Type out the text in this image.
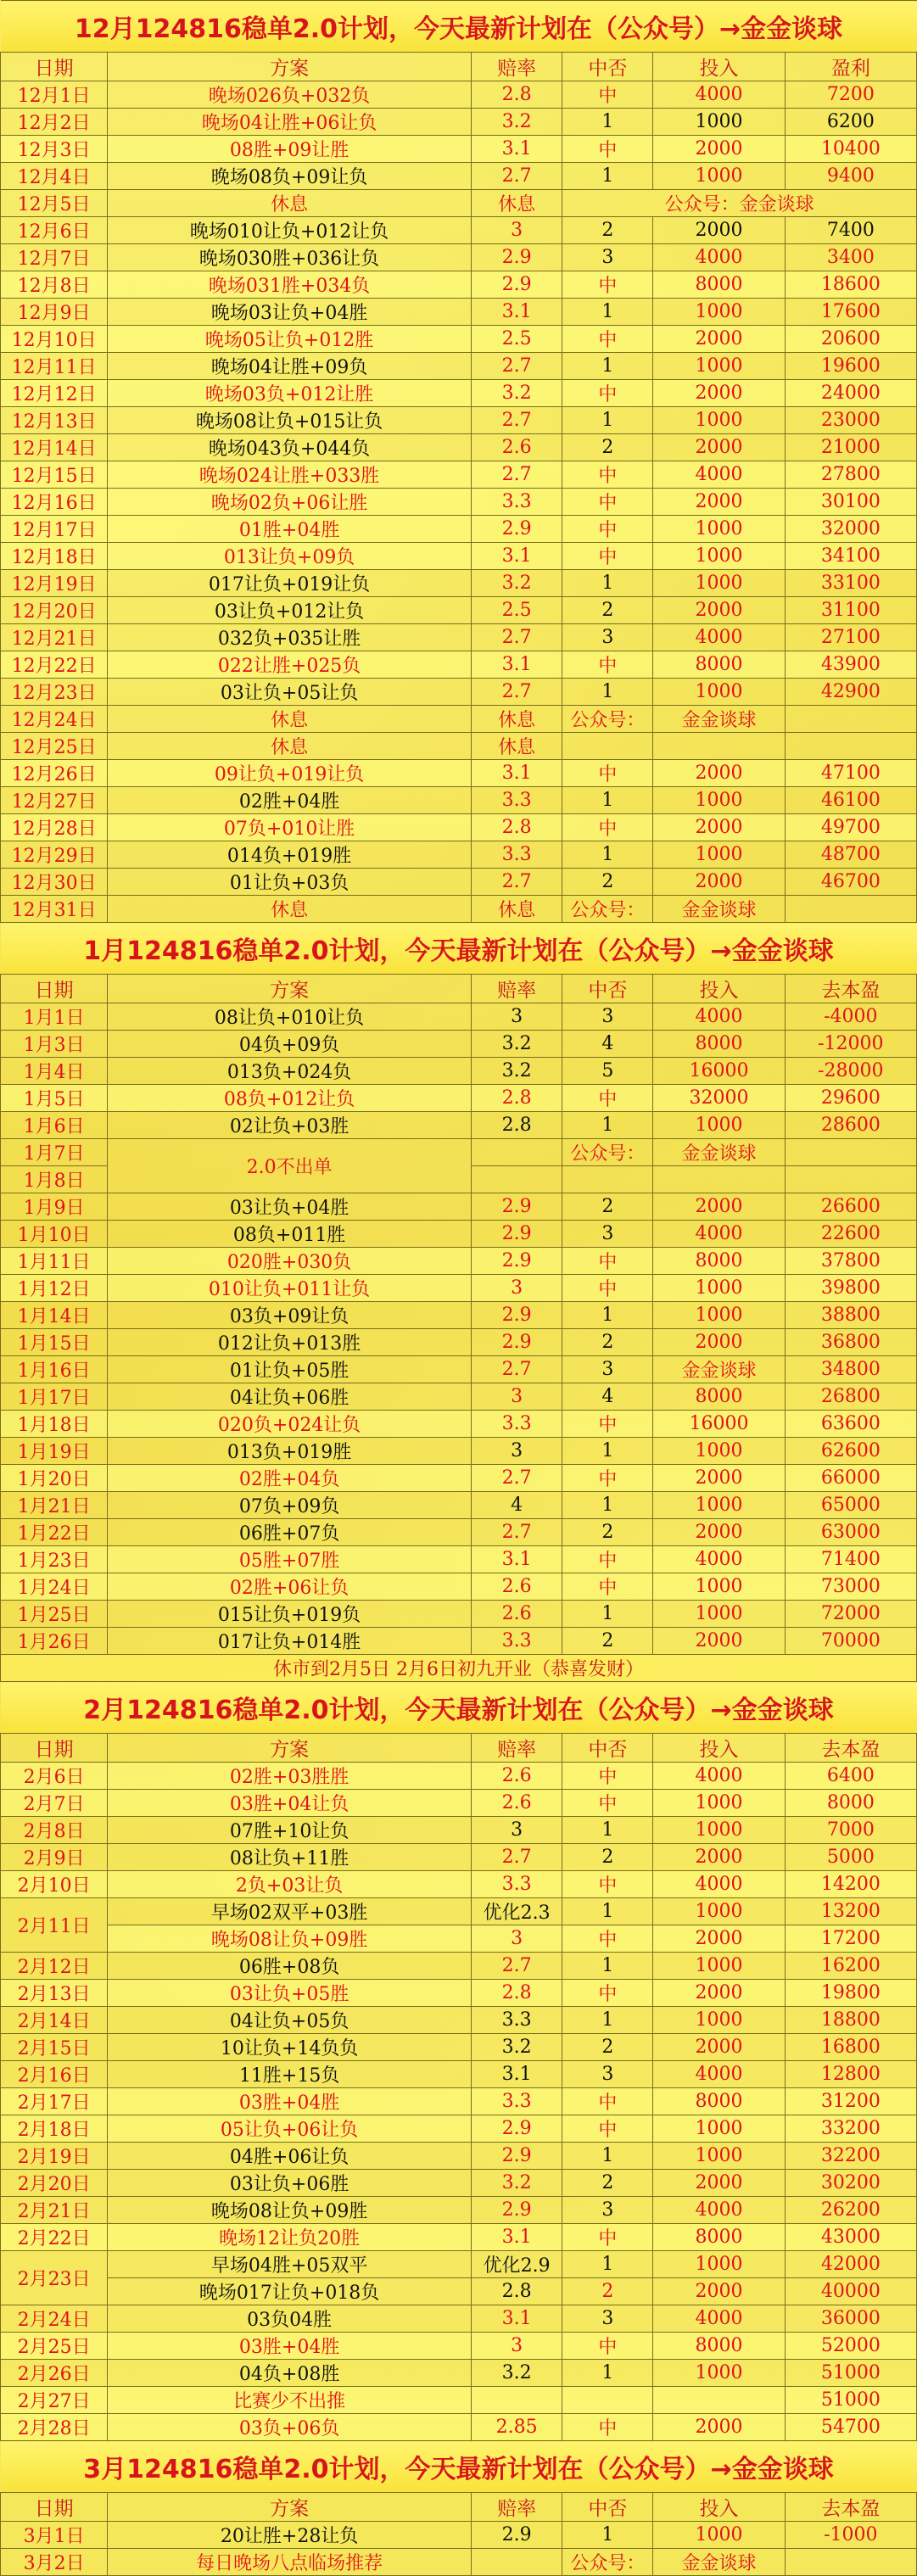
12月124816稳单2.0计划，今天最新计划在（公众号）→金金谈球					
日期	方案	赔率	中否	投入	盈利
12月1日	晚场026负+032负	2.8	中	4000	7200
12月2日	晚场04让胜+06让负	3.2	1	1000	6200
12月3日	08胜+09让胜	3.1	中	2000	10400
12月4日	晚场08负+09让负	2.7	1	1000	9400
12月5日	休息	休息	公众号：金金谈球		
12月6日	晚场010让负+012让负	3	2	2000	7400
12月7日	晚场030胜+036让负	2.9	3	4000	3400
12月8日	晚场031胜+034负	2.9	中	8000	18600
12月9日	晚场03让负+04胜	3.1	1	1000	17600
12月10日	晚场05让负+012胜	2.5	中	2000	20600
12月11日	晚场04让胜+09负	2.7	1	1000	19600
12月12日	晚场03负+012让胜	3.2	中	2000	24000
12月13日	晚场08让负+015让负	2.7	1	1000	23000
12月14日	晚场043负+044负	2.6	2	2000	21000
12月15日	晚场024让胜+033胜	2.7	中	4000	27800
12月16日	晚场02负+06让胜	3.3	中	2000	30100
12月17日	01胜+04胜	2.9	中	1000	32000
12月18日	013让负+09负	3.1	中	1000	34100
12月19日	017让负+019让负	3.2	1	1000	33100
12月20日	03让负+012让负	2.5	2	2000	31100
12月21日	032负+035让胜	2.7	3	4000	27100
12月22日	022让胜+025负	3.1	中	8000	43900
12月23日	03让负+05让负	2.7	1	1000	42900
12月24日	休息	休息	公众号：	金金谈球	
12月25日	休息	休息			
12月26日	09让负+019让负	3.1	中	2000	47100
12月27日	02胜+04胜	3.3	1	1000	46100
12月28日	07负+010让胜	2.8	中	2000	49700
12月29日	014负+019胜	3.3	1	1000	48700
12月30日	01让负+03负	2.7	2	2000	46700
12月31日	休息	休息	公众号：	金金谈球	
1月124816稳单2.0计划，今天最新计划在（公众号）→金金谈球					
日期	方案	赔率	中否	投入	去本盈
1月1日	08让负+010让负	3	3	4000	-4000
1月3日	04负+09负	3.2	4	8000	-12000
1月4日	013负+024负	3.2	5	16000	-28000
1月5日	08负+012让负	2.8	中	32000	29600
1月6日	02让负+03胜	2.8	1	1000	28600
1月7日	2.0不出单		公众号：	金金谈球	
1月8日					
1月9日	03让负+04胜	2.9	2	2000	26600
1月10日	08负+011胜	2.9	3	4000	22600
1月11日	020胜+030负	2.9	中	8000	37800
1月12日	010让负+011让负	3	中	1000	39800
1月14日	03负+09让负	2.9	1	1000	38800
1月15日	012让负+013胜	2.9	2	2000	36800
1月16日	01让负+05胜	2.7	3	金金谈球	34800
1月17日	04让负+06胜	3	4	8000	26800
1月18日	020负+024让负	3.3	中	16000	63600
1月19日	013负+019胜	3	1	1000	62600
1月20日	02胜+04负	2.7	中	2000	66000
1月21日	07负+09负	4	1	1000	65000
1月22日	06胜+07负	2.7	2	2000	63000
1月23日	05胜+07胜	3.1	中	4000	71400
1月24日	02胜+06让负	2.6	中	1000	73000
1月25日	015让负+019负	2.6	1	1000	72000
1月26日	017让负+014胜	3.3	2	2000	70000
休市到2月5日 2月6日初九开业（恭喜发财）					
2月124816稳单2.0计划，今天最新计划在（公众号）→金金谈球					
日期	方案	赔率	中否	投入	去本盈
2月6日	02胜+03胜胜	2.6	中	4000	6400
2月7日	03胜+04让负	2.6	中	1000	8000
2月8日	07胜+10让负	3	1	1000	7000
2月9日	08让负+11胜	2.7	2	2000	5000
2月10日	2负+03让负	3.3	中	4000	14200
2月11日	早场02双平+03胜	优化2.3	1	1000	13200
	晚场08让负+09胜	3	中	2000	17200
2月12日	06胜+08负	2.7	1	1000	16200
2月13日	03让负+05胜	2.8	中	2000	19800
2月14日	04让负+05负	3.3	1	1000	18800
2月15日	10让负+14负负	3.2	2	2000	16800
2月16日	11胜+15负	3.1	3	4000	12800
2月17日	03胜+04胜	3.3	中	8000	31200
2月18日	05让负+06让负	2.9	中	1000	33200
2月19日	04胜+06让负	2.9	1	1000	32200
2月20日	03让负+06胜	3.2	2	2000	30200
2月21日	晚场08让负+09胜	2.9	3	4000	26200
2月22日	晚场12让负20胜	3.1	中	8000	43000
2月23日	早场04胜+05双平	优化2.9	1	1000	42000
	晚场017让负+018负	2.8	2	2000	40000
2月24日	03负04胜	3.1	3	4000	36000
2月25日	03胜+04胜	3	中	8000	52000
2月26日	04负+08胜	3.2	1	1000	51000
2月27日	比赛少不出推				51000
2月28日	03负+06负	2.85	中	2000	54700
3月124816稳单2.0计划，今天最新计划在（公众号）→金金谈球					
日期	方案	赔率	中否	投入	去本盈
3月1日	20让胜+28让负	2.9	1	1000	-1000
3月2日	每日晚场八点临场推荐		公众号：	金金谈球	
